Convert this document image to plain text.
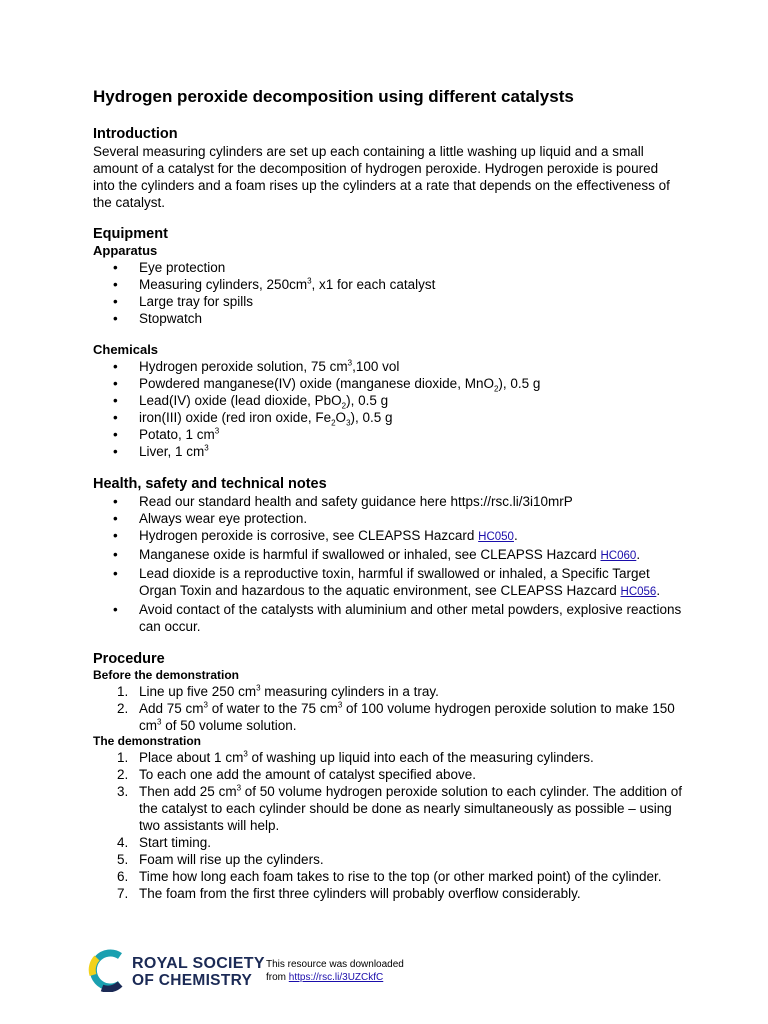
Hydrogen peroxide decomposition using different catalysts
Introduction

Several measuring cylinders are set up each containing a little washing up liquid and a small amount of a catalyst for the decomposition of hydrogen peroxide. Hydrogen peroxide is poured into the cylinders and a foam rises up the cylinders at a rate that depends on the effectiveness of the catalyst.

Equipment
Apparatus
• Eye protection
• Measuring cylinders, $250cm^3$, x1 for each catalyst
• Large tray for spills
• Stopwatch
Chemicals
• Hydrogen peroxide solution, 75 $cm^3,100$ vol
• Powdered manganese(IV) oxide (manganese dioxide, MnO$_2$), 0.5 g
• Lead(IV) oxide (lead dioxide, PbO$_2$), 0.5 g
• iron(III) oxide (red iron oxide, $Fe_2O_3$), 0.5 g
• Potato, 1 $cm^3$
• Liver, 1 $cm^3$
Health, safety and technical notes
• Read our standard health and safety guidance here https://rsc.li/3i10mrP
• Always wear eye protection.
• Hydrogen peroxide is corrosive, see CLEAPSS Hazcard HC050.
• Manganese oxide is harmful if swallowed or inhaled, see CLEAPSS Hazcard HC060.
• Lead dioxide is a reproductive toxin, harmful if swallowed or inhaled, a Specific Target Organ Toxin and hazardous to the aquatic environment, see CLEAPSS Hazcard HC056.
• Avoid contact of the catalysts with aluminium and other metal powders, explosive reactions can occur.
Procedure
Before the demonstration
1. Line up five 250 $cm^3$ measuring cylinders in a tray.
2. Add 75 $cm^3$ of water to the 75 $cm^3$ of 100 volume hydrogen peroxide solution to make 150 $cm^3$ of 50 volume solution.
The demonstration
1. Place about 1 $cm^3$ of washing up liquid into each of the measuring cylinders.
2. To each one add the amount of catalyst specified above.
3. Then add 25 $cm^3$ of 50 volume hydrogen peroxide solution to each cylinder. The addition of the catalyst to each cylinder should be done as nearly simultaneously as possible – using two assistants will help.
4. Start timing.
5. Foam will rise up the cylinders.
6. Time how long each foam takes to rise to the top (or other marked point) of the cylinder.
7. The foam from the first three cylinders will probably overflow considerably.
ROYAL SOCIETY
OF CHEMISTRY
This resource was downloaded
from https://rsc.li/3UZCkfC
